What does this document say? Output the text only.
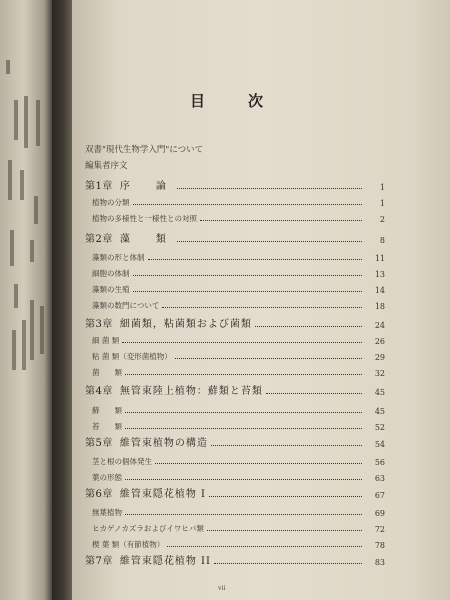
目　次
双書"現代生物学入門"について
編集者序文
第1章 序　論	1
植物の分類	1
植物の多様性と一様性との対照	2
第2章 藻　類	8
藻類の形と体制	11
細胞の体制	13
藻類の生殖	14
藻類の数門について	18
第3章 細菌類，粘菌類および菌類	24
細 菌 類	26
粘 菌 類（変形菌植物）	29
菌　　類	32
第4章 無管束陸上植物：蘚類と苔類	45
蘚　　類	45
苔　　類	52
第5章 維管束植物の構造	54
茎と根の個体発生	56
葉の形態	63
第6章 維管束隠花植物 I	67
無葉植物	69
ヒカゲノカズラおよびイワヒバ類	72
楔 葉 類（有節植物）	78
第7章 維管束隠花植物 II	83
vii
